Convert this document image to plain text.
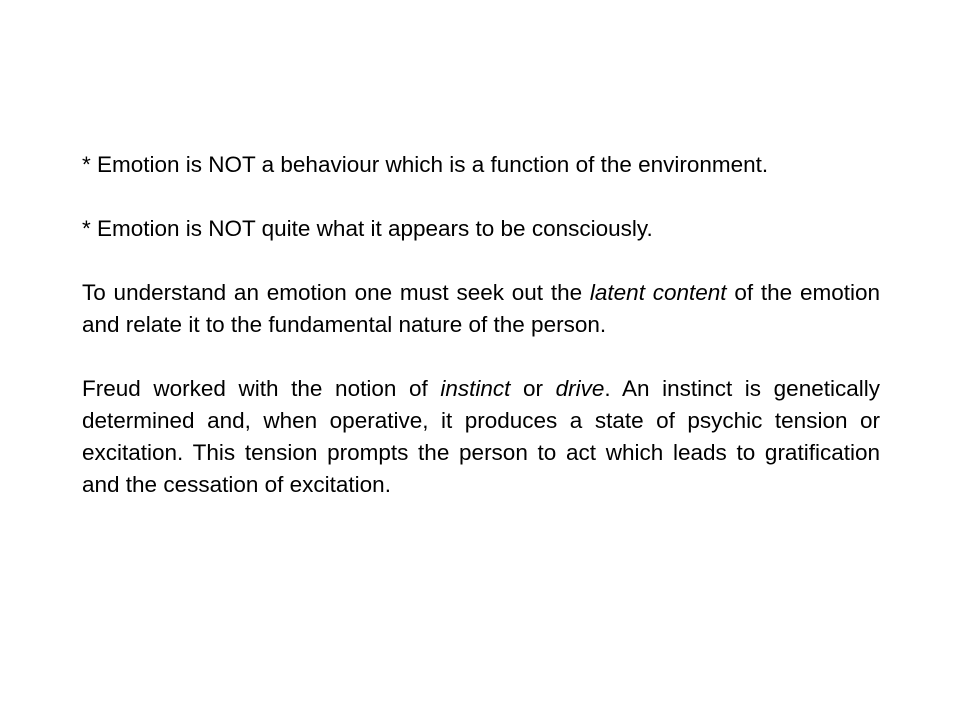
* Emotion is NOT a behaviour which is a function of the environment.

* Emotion is NOT quite what it appears to be consciously.

To understand an emotion one must seek out the latent content of the emotion and relate it to the fundamental nature of the person.

Freud worked with the notion of instinct or drive. An instinct is genetically determined and, when operative, it produces a state of psychic tension or excitation. This tension prompts the person to act which leads to gratification and the cessation of excitation.
